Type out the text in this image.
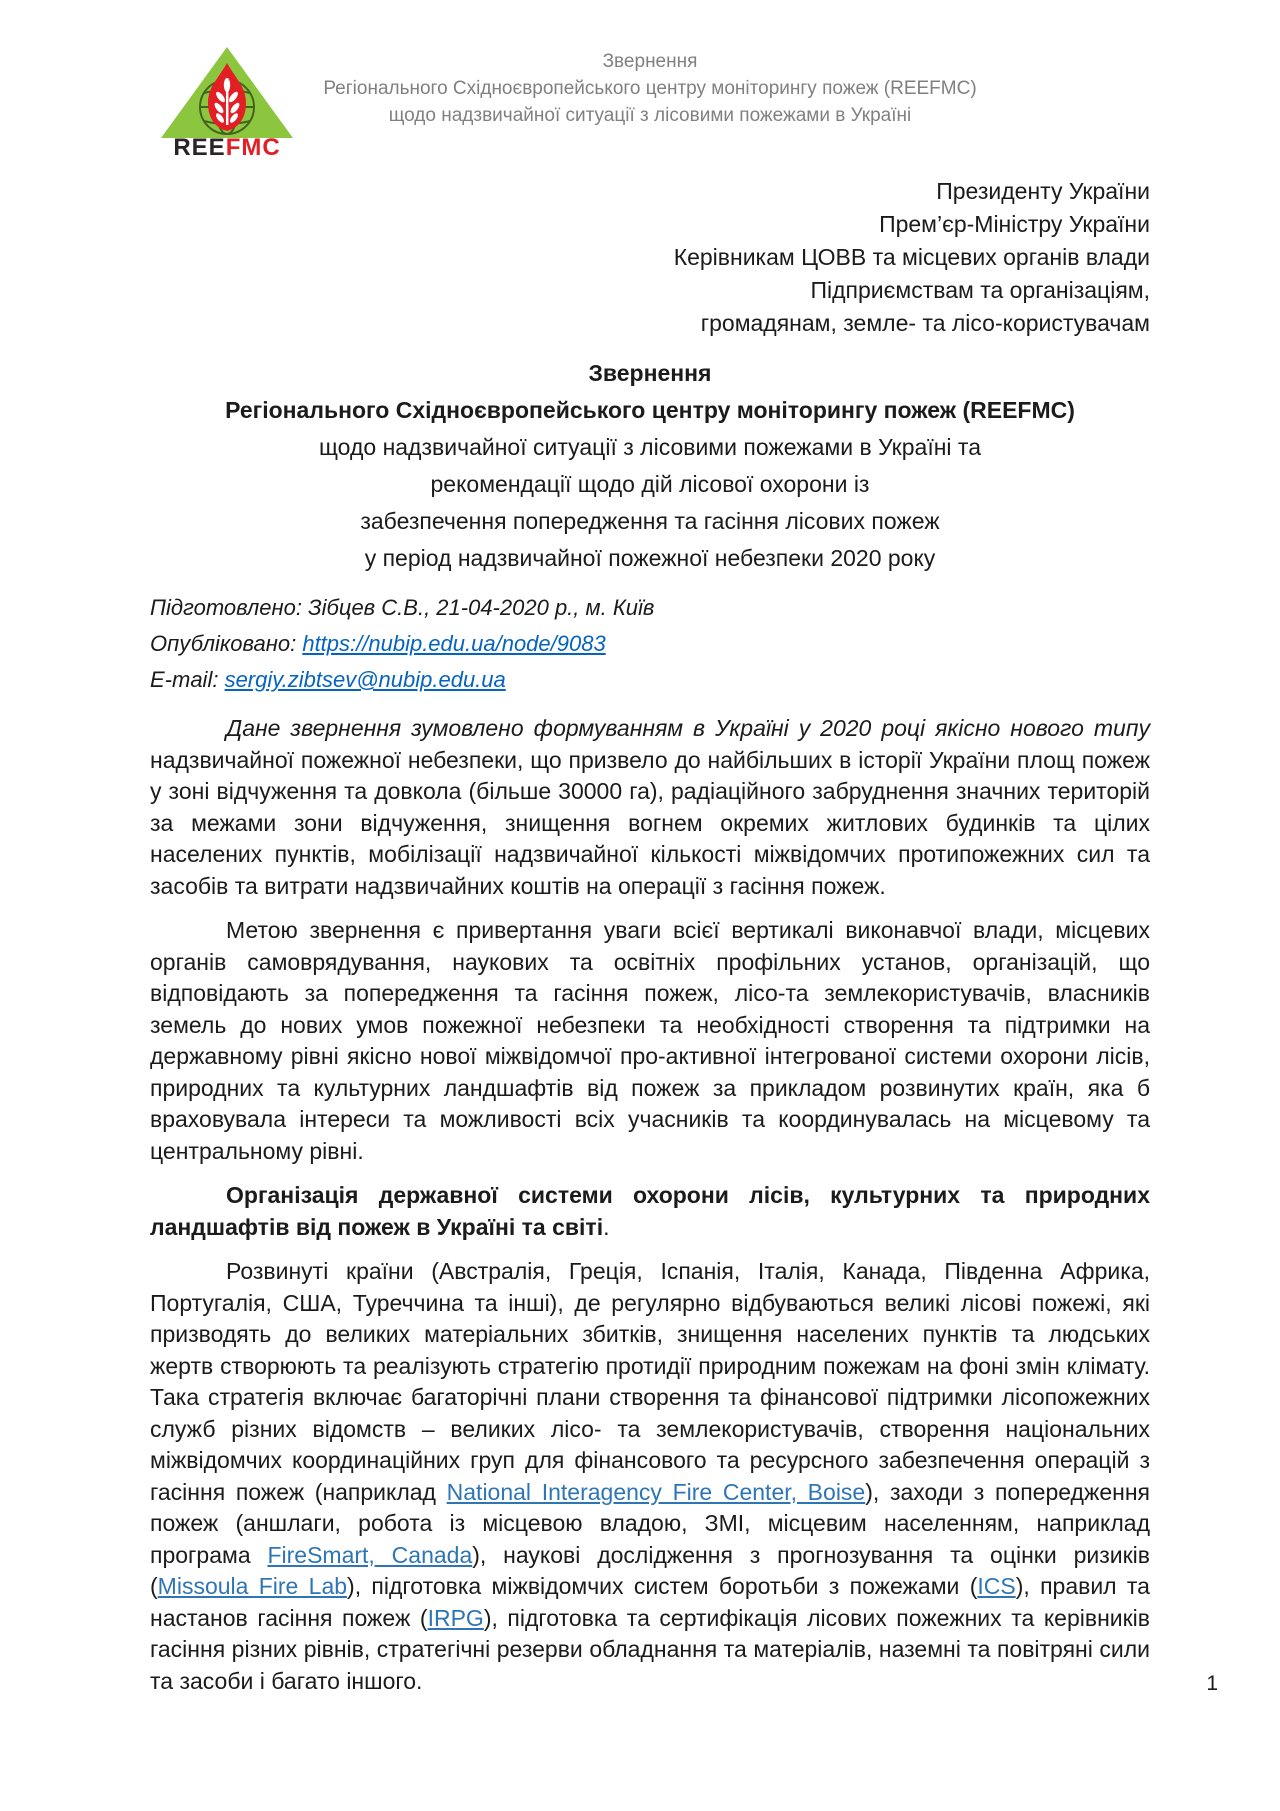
REEFMC
Звернення
Регіонального Східноєвропейського центру моніторингу пожеж (REEFMC)
щодо надзвичайної ситуації з лісовими пожежами в Україні
Президенту України
Прем’єр-Міністру України
Керівникам ЦОВВ та місцевих органів влади
Підприємствам та організаціям,
громадянам, земле- та лісо-користувачам
Звернення
Регіонального Східноєвропейського центру моніторингу пожеж (REEFMC)
щодо надзвичайної ситуації з лісовими пожежами в Україні та
рекомендації щодо дій лісової охорони із
забезпечення попередження та гасіння лісових пожеж
у період надзвичайної пожежної небезпеки 2020 року
Підготовлено: Зібцев С.В., 21-04-2020 р., м. Київ
Опубліковано: https://nubip.edu.ua/node/9083
E-mail: sergiy.zibtsev@nubip.edu.ua

Дане звернення зумовлено формуванням в Україні у 2020 році якісно нового типу надзвичайної пожежної небезпеки, що призвело до найбільших в історії України площ пожеж у зоні відчуження та довкола (більше 30000 га), радіаційного забруднення значних територій за межами зони відчуження, знищення вогнем окремих житлових будинків та цілих населених пунктів, мобілізації надзвичайної кількості міжвідомчих протипожежних сил та засобів та витрати надзвичайних коштів на операції з гасіння пожеж.

Метою звернення є привертання уваги всієї вертикалі виконавчої влади, місцевих органів самоврядування, наукових та освітніх профільних установ, організацій, що відповідають за попередження та гасіння пожеж, лісо-та землекористувачів, власників земель до нових умов пожежної небезпеки та необхідності створення та підтримки на державному рівні якісно нової міжвідомчої про-активної інтегрованої системи охорони лісів, природних та культурних ландшафтів від пожеж за прикладом розвинутих країн, яка б враховувала інтереси та можливості всіх учасників та координувалась на місцевому та центральному рівні.

Організація державної системи охорони лісів, культурних та природних ландшафтів від пожеж в Україні та світі.

Розвинуті країни (Австралія, Греція, Іспанія, Італія, Канада, Південна Африка, Португалія, США, Туреччина та інші), де регулярно відбуваються великі лісові пожежі, які призводять до великих матеріальних збитків, знищення населених пунктів та людських жертв створюють та реалізують стратегію протидії природним пожежам на фоні змін клімату. Така стратегія включає багаторічні плани створення та фінансової підтримки лісопожежних служб різних відомств – великих лісо- та землекористувачів, створення національних міжвідомчих координаційних груп для фінансового та ресурсного забезпечення операцій з гасіння пожеж (наприклад National Interagency Fire Center, Boise), заходи з попередження пожеж (аншлаги, робота із місцевою владою, ЗМІ, місцевим населенням, наприклад програма FireSmart, Canada), наукові дослідження з прогнозування та оцінки ризиків (Missoula Fire Lab), підготовка міжвідомчих систем боротьби з пожежами (ICS), правил та настанов гасіння пожеж (IRPG), підготовка та сертифікація лісових пожежних та керівників гасіння різних рівнів, стратегічні резерви обладнання та матеріалів, наземні та повітряні сили та засоби і багато іншого.	1
